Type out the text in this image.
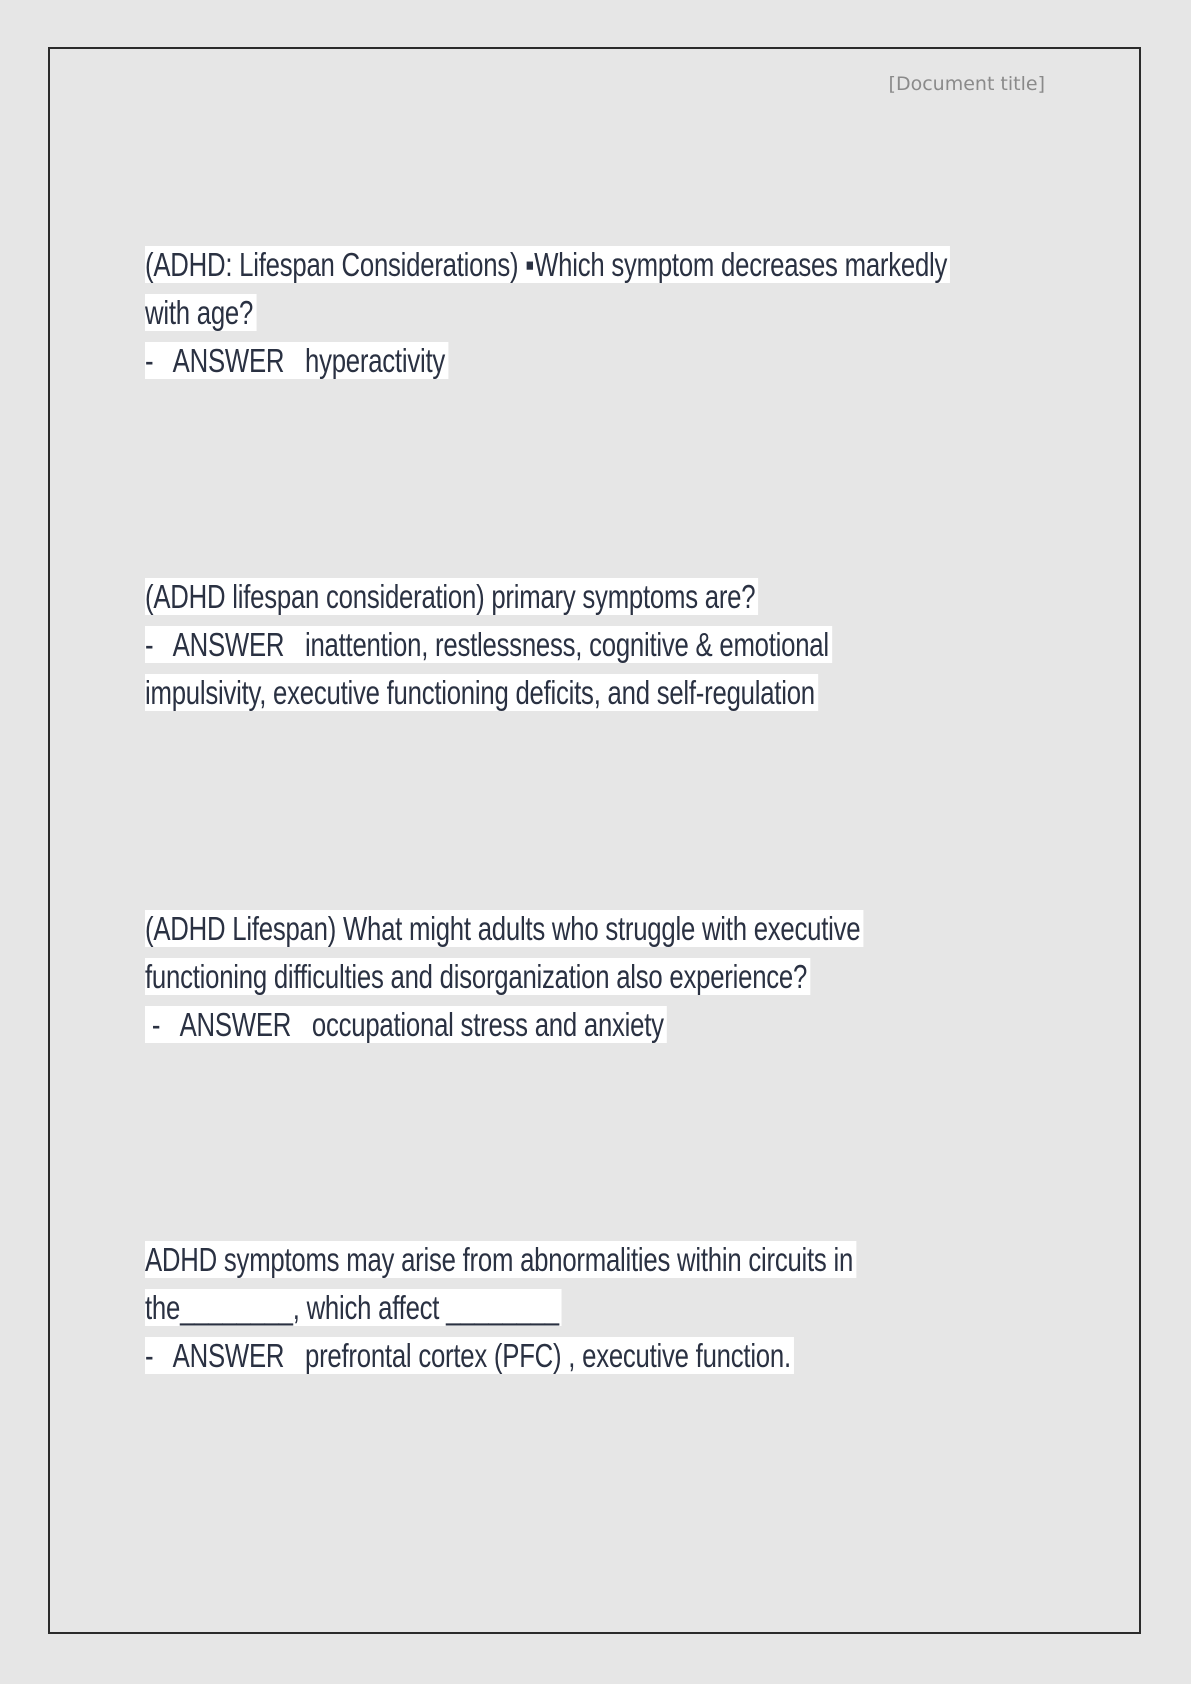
[Document title]
(ADHD: Lifespan Considerations) ▪Which symptom decreases markedly
with age?
-   ANSWER   hyperactivity
(ADHD lifespan consideration) primary symptoms are?
-   ANSWER   inattention, restlessness, cognitive & emotional
impulsivity, executive functioning deficits, and self-regulation
(ADHD Lifespan) What might adults who struggle with executive
functioning difficulties and disorganization also experience?
-   ANSWER   occupational stress and anxiety
ADHD symptoms may arise from abnormalities within circuits in
the________, which affect ________
-   ANSWER   prefrontal cortex (PFC) , executive function.
